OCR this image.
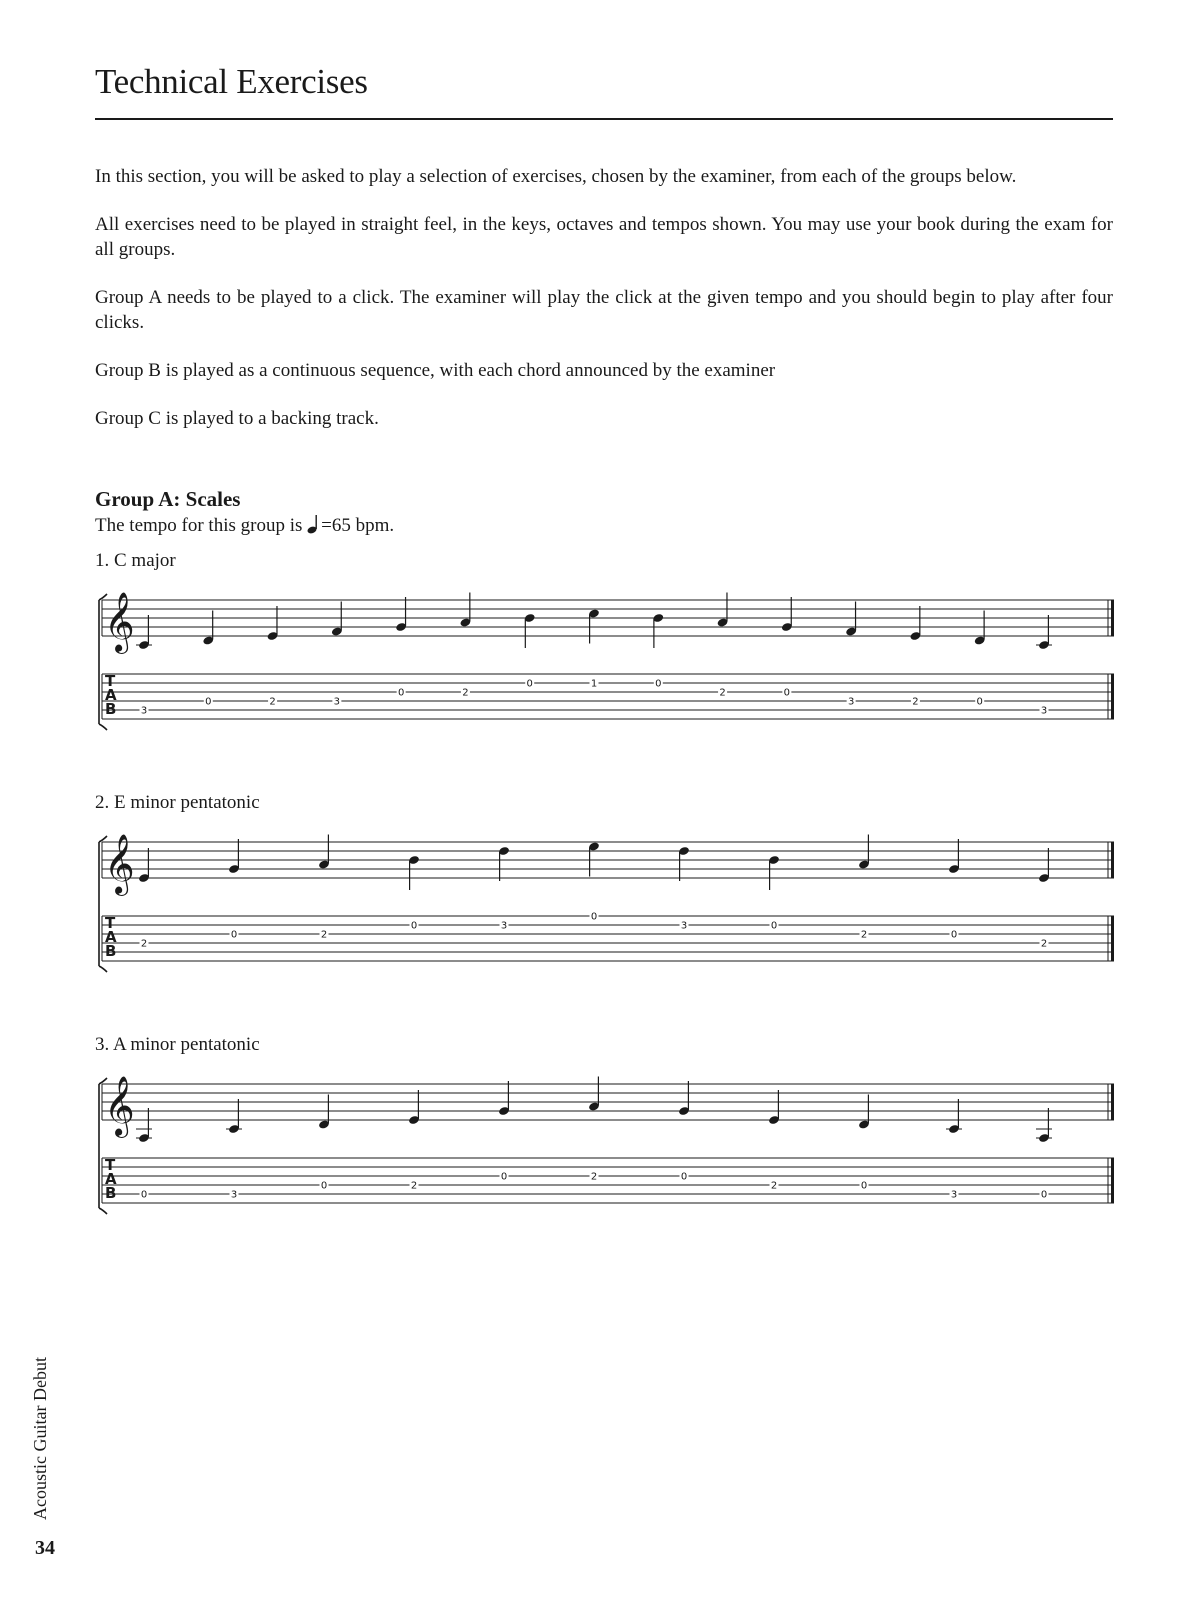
Technical Exercises

In this section, you will be asked to play a selection of exercises, chosen by the examiner, from each of the groups below.

All exercises need to be played in straight feel, in the keys, octaves and tempos shown. You may use your book during the exam for all groups.

Group A needs to be played to a click. The examiner will play the click at the given tempo and you should begin to play after four clicks.

Group B is played as a continuous sequence, with each chord announced by the examiner

Group C is played to a backing track.

Group A: Scales
The tempo for this group is =65 bpm.
1. C major
𝄞
T
A
B 3
0	2	3
0	2
0	1	0
2	0
3	2	0
3
2. E minor pentatonic
𝄞
T
A
B 2
0	2
0	3
0
3	0
2	0
2
3. A minor pentatonic
𝄞
T
A
B 0	3
0	2
0	2	0
2	0
3	0
Acoustic Guitar Debut
34
